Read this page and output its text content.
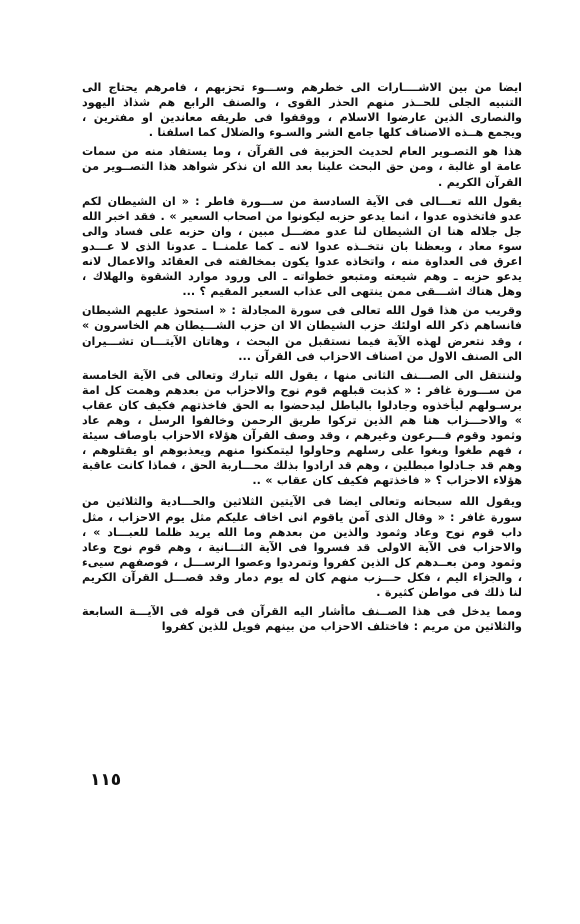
ايضا من بين الاشــــارات الى خطرهم وســـوء تحزبهم ، فامرهم يحتاج الى التنبيه الجلى للحــذر منهم الحذر القوى ، والصنف الرابع هم شذاذ اليهود والنصارى الذين عارضوا الاسلام ، ووقفوا فى طريقه معاندين او مفترين ، ويجمع هــذه الاصناف كلها جامع الشر والسـوء والضلال كما اسلفنا .

هذا هو التصـوير العام لحديث الحزبية فى القرآن ، وما يستفاد منه من سمات عامة او غالبة ، ومن حق البحث علينا بعد الله ان نذكر شواهد هذا التصــوير من القرآن الكريم .

يقول الله تعـــالى فى الآية السادسة من ســـورة فاطر : « ان الشيطان لكم عدو فاتخذوه عدوا ، انما يدعو حزبه ليكونوا من اصحاب السعير » . فقد اخبر الله جل جلاله هنا ان الشيطان لنا عدو مضـــل مبين ، وان حزبه على فساد والى سوء معاد ، وبعظنا بان نتخــذه عدوا لانه ـ كما علمنــا ـ عدونا الذى لا عـــدو اعرق فى العداوة منه ، واتخاذه عدوا يكون بمخالفته فى العقائد والاعمال لانه يدعو حزبه ـ وهم شيعته ومتبعو خطواته ـ الى ورود موارد الشقوة والهلاك ، وهل هناك اشـــقى ممن ينتهى الى عذاب السعير المقيم ؟ ...

وقريب من هذا قول الله تعالى فى سورة المجادلة : « استحوذ عليهم الشيطان فانساهم ذكر الله اولئك حزب الشيطان الا ان حزب الشـــيطان هم الخاسرون » ، وقد نتعرض لهذه الآية فيما نستقبل من البحث ، وهاتان الآيتـــان تشـــيران الى الصنف الاول من اصناف الاحزاب فى القرآن ...

ولننتقل الى الصـــنف الثانى منها ، يقول الله تبارك وتعالى فى الآية الخامسة من ســـورة غافر : « كذبت قبلهم قوم نوح والاحزاب من بعدهم وهمت كل امة برسـولهم ليأخذوه وجادلوا بالباطل ليدحضوا به الحق فاخذتهم فكيف كان عقاب » والاحـــزاب هنا هم الذين تركوا طريق الرحمن وخالفوا الرسل ، وهم عاد وثمود وقوم فـــرعون وغيرهم ، وقد وصف القرآن هؤلاء الاحزاب باوصاف سيئة ، فهم طغوا وبغوا على رسلهم وحاولوا ليتمكنوا منهم ويعذبوهم او يقتلوهم ، وهم قد جـادلوا مبطلين ، وهم قد ارادوا بذلك محـــاربة الحق ، فماذا كانت عاقبة هؤلاء الاحزاب ؟ « فاخذتهم فكيف كان عقاب » ..

ويقول الله سبحانه وتعالى ايضا فى الآيتين الثلاثين والحـــادية والثلاثين من سورة غافر : « وقال الذى آمن ياقوم انى اخاف عليكم مثل يوم الاحزاب ، مثل داب قوم نوح وعاد وثمود والذين من بعدهم وما الله يريد ظلما للعبـــاد » ، والاحزاب فى الآية الاولى قد فسروا فى الآية الثـــانية ، وهم قوم نوح وعاد وثمود ومن بعــدهم كل الذين كفروا وتمردوا وعصوا الرســـل ، فوصفهم سيىء ، والجزاء اليم ، فكل حـــزب منهم كان له يوم دمار وقد قصـــل القرآن الكريم لنا ذلك فى مواطن كثيرة .

ومما يدخل فى هذا الصــنف ماأشار اليه القرآن فى قوله فى الآيـــة السابعة والثلاثين من مريم : فاختلف الاحزاب من بينهم فويل للذين كفروا

١١٥
